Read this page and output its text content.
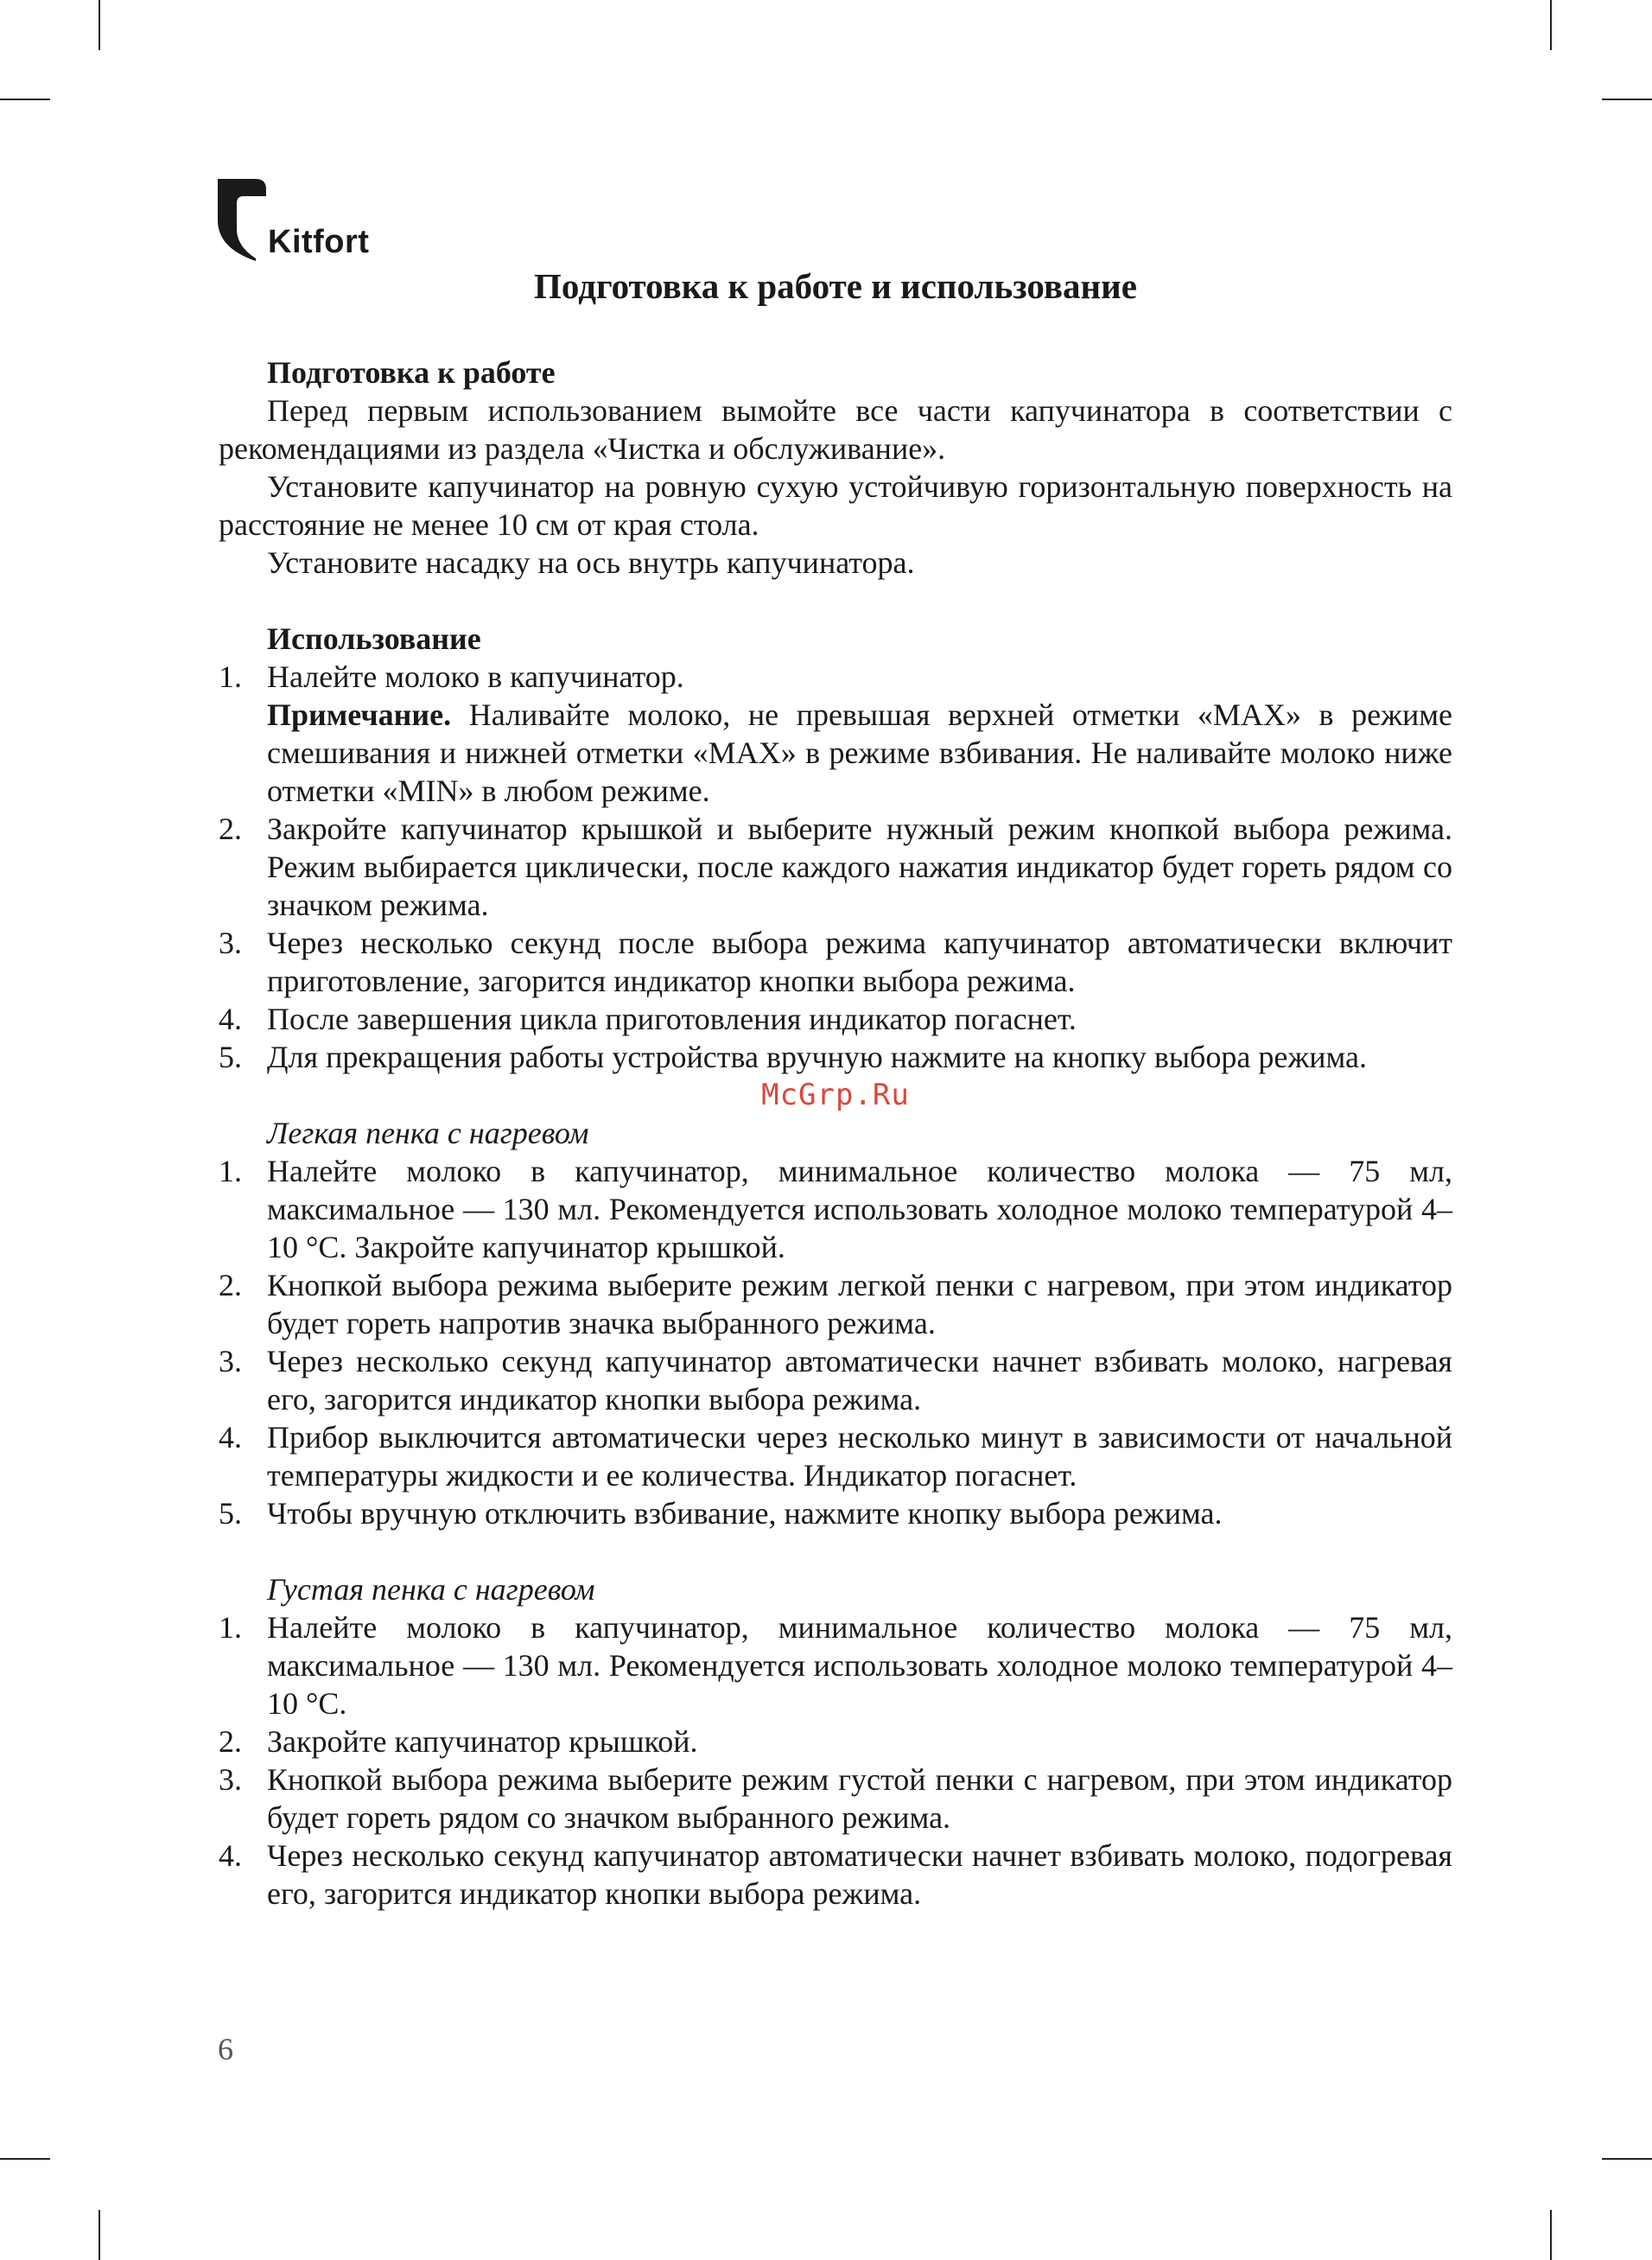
Kitfort
Подготовка к работе и использование
Подготовка к работе

Перед первым использованием вымойте все части капучинатора в соответствии с рекомендациями из раздела «Чистка и обслуживание».

Установите капучинатор на ровную сухую устойчивую горизонтальную поверхность на расстояние не менее 10 см от края стола.

Установите насадку на ось внутрь капучинатора.

Использование
1. Налейте молоко в капучинатор.
Примечание. Наливайте молоко, не превышая верхней отметки «MAX» в режиме смешивания и нижней отметки «MAX» в режиме взбивания. Не наливайте молоко ниже отметки «MIN» в любом режиме.
2. Закройте капучинатор крышкой и выберите нужный режим кнопкой выбора режима. Режим выбирается циклически, после каждого нажатия индикатор будет гореть рядом со значком режима.
3. Через несколько секунд после выбора режима капучинатор автоматически включит приготовление, загорится индикатор кнопки выбора режима.
4. После завершения цикла приготовления индикатор погаснет.
5. Для прекращения работы устройства вручную нажмите на кнопку выбора режима.
McGrp.Ru
Легкая пенка с нагревом
1. Налейте молоко в капучинатор, минимальное количество молока — 75 мл, максимальное — 130 мл. Рекомендуется использовать холодное молоко температурой 4–10 °C. Закройте капучинатор крышкой.
2. Кнопкой выбора режима выберите режим легкой пенки с нагревом, при этом индикатор будет гореть напротив значка выбранного режима.
3. Через несколько секунд капучинатор автоматически начнет взбивать молоко, нагревая его, загорится индикатор кнопки выбора режима.
4. Прибор выключится автоматически через несколько минут в зависимости от начальной температуры жидкости и ее количества. Индикатор погаснет.
5. Чтобы вручную отключить взбивание, нажмите кнопку выбора режима.
Густая пенка с нагревом
1. Налейте молоко в капучинатор, минимальное количество молока — 75 мл, максимальное — 130 мл. Рекомендуется использовать холодное молоко температурой 4–10 °C.
2. Закройте капучинатор крышкой.
3. Кнопкой выбора режима выберите режим густой пенки с нагревом, при этом индикатор будет гореть рядом со значком выбранного режима.
4. Через несколько секунд капучинатор автоматически начнет взбивать молоко, подогревая его, загорится индикатор кнопки выбора режима.
6
